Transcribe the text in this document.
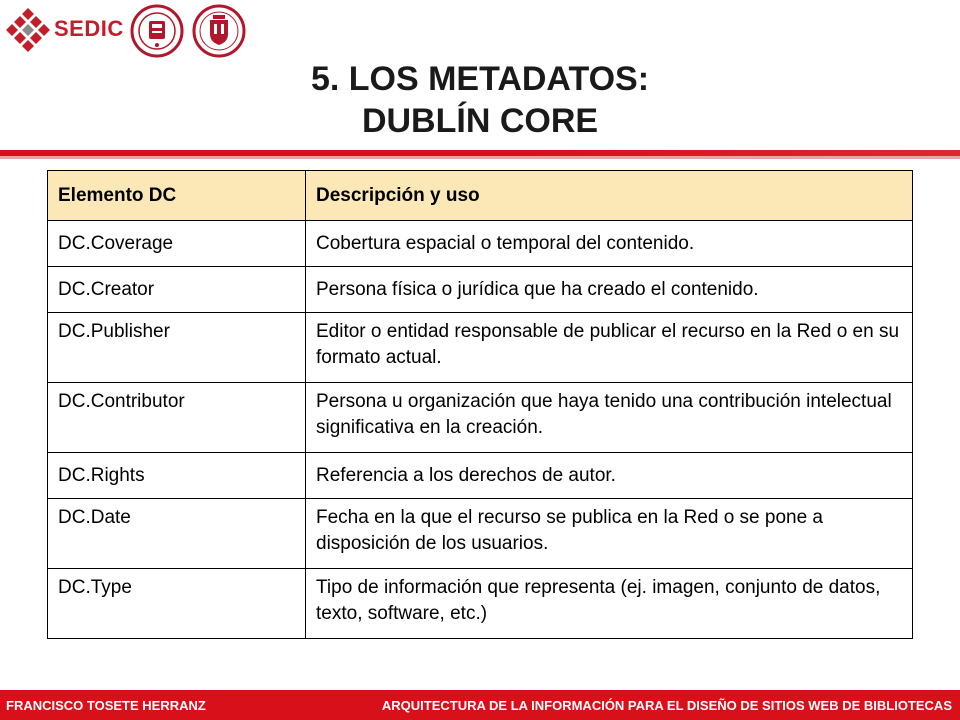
SEDIC
5. LOS METADATOS:
DUBLÍN CORE
Elemento DC	Descripción y uso
DC.Coverage	Cobertura espacial o temporal del contenido.
DC.Creator	Persona física o jurídica que ha creado el contenido.
DC.Publisher	Editor o entidad responsable de publicar el recurso en la Red o en su formato actual.
DC.Contributor	Persona u organización que haya tenido una contribución intelectual significativa en la creación.
DC.Rights	Referencia a los derechos de autor.
DC.Date	Fecha en la que el recurso se publica en la Red o se pone a disposición de los usuarios.
DC.Type	Tipo de información que representa (ej. imagen, conjunto de datos, texto, software, etc.)
FRANCISCO TOSETE HERRANZ	ARQUITECTURA DE LA INFORMACIÓN PARA EL DISEÑO DE SITIOS WEB DE BIBLIOTECAS
